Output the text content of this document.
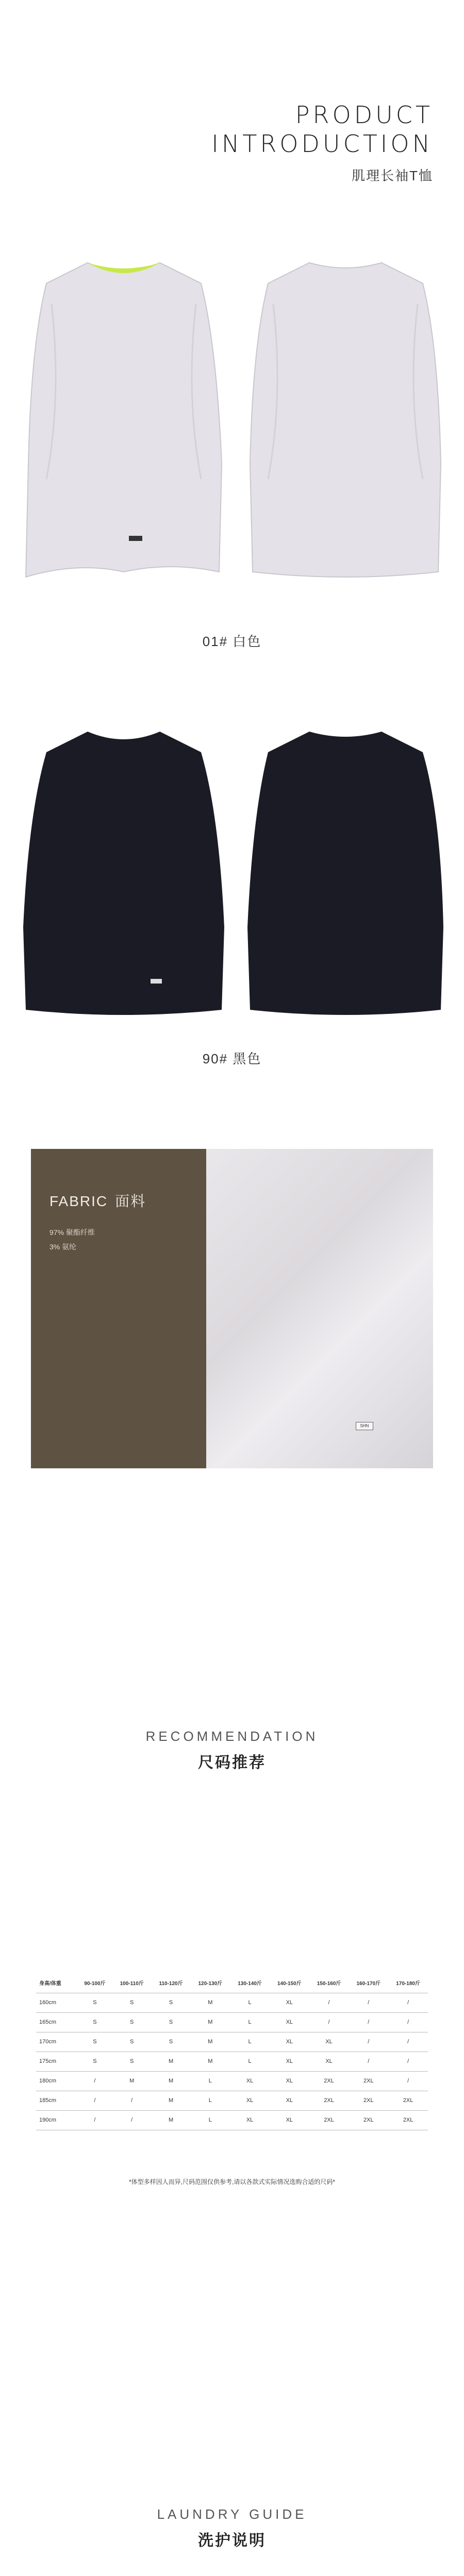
PRODUCT
INTRODUCTION
肌理长袖T恤
01# 白色
90# 黑色
FABRIC 面料
97% 聚酯纤维
3% 氨纶
SHN
RECOMMENDATION
尺码推荐
身高/体重	90-100斤	100-110斤	110-120斤	120-130斤	130-140斤	140-150斤	150-160斤	160-170斤	170-180斤
160cm	S	S	S	M	L	XL	/	/	/
165cm	S	S	S	M	L	XL	/	/	/
170cm	S	S	S	M	L	XL	XL	/	/
175cm	S	S	M	M	L	XL	XL	/	/
180cm	/	M	M	L	XL	XL	2XL	2XL	/
185cm	/	/	M	L	XL	XL	2XL	2XL	2XL
190cm	/	/	M	L	XL	XL	2XL	2XL	2XL
*体型多样因人而异,尺码范围仅供参考,请以各款式实际情况选购合适的尺码*
LAUNDRY GUIDE
洗护说明
